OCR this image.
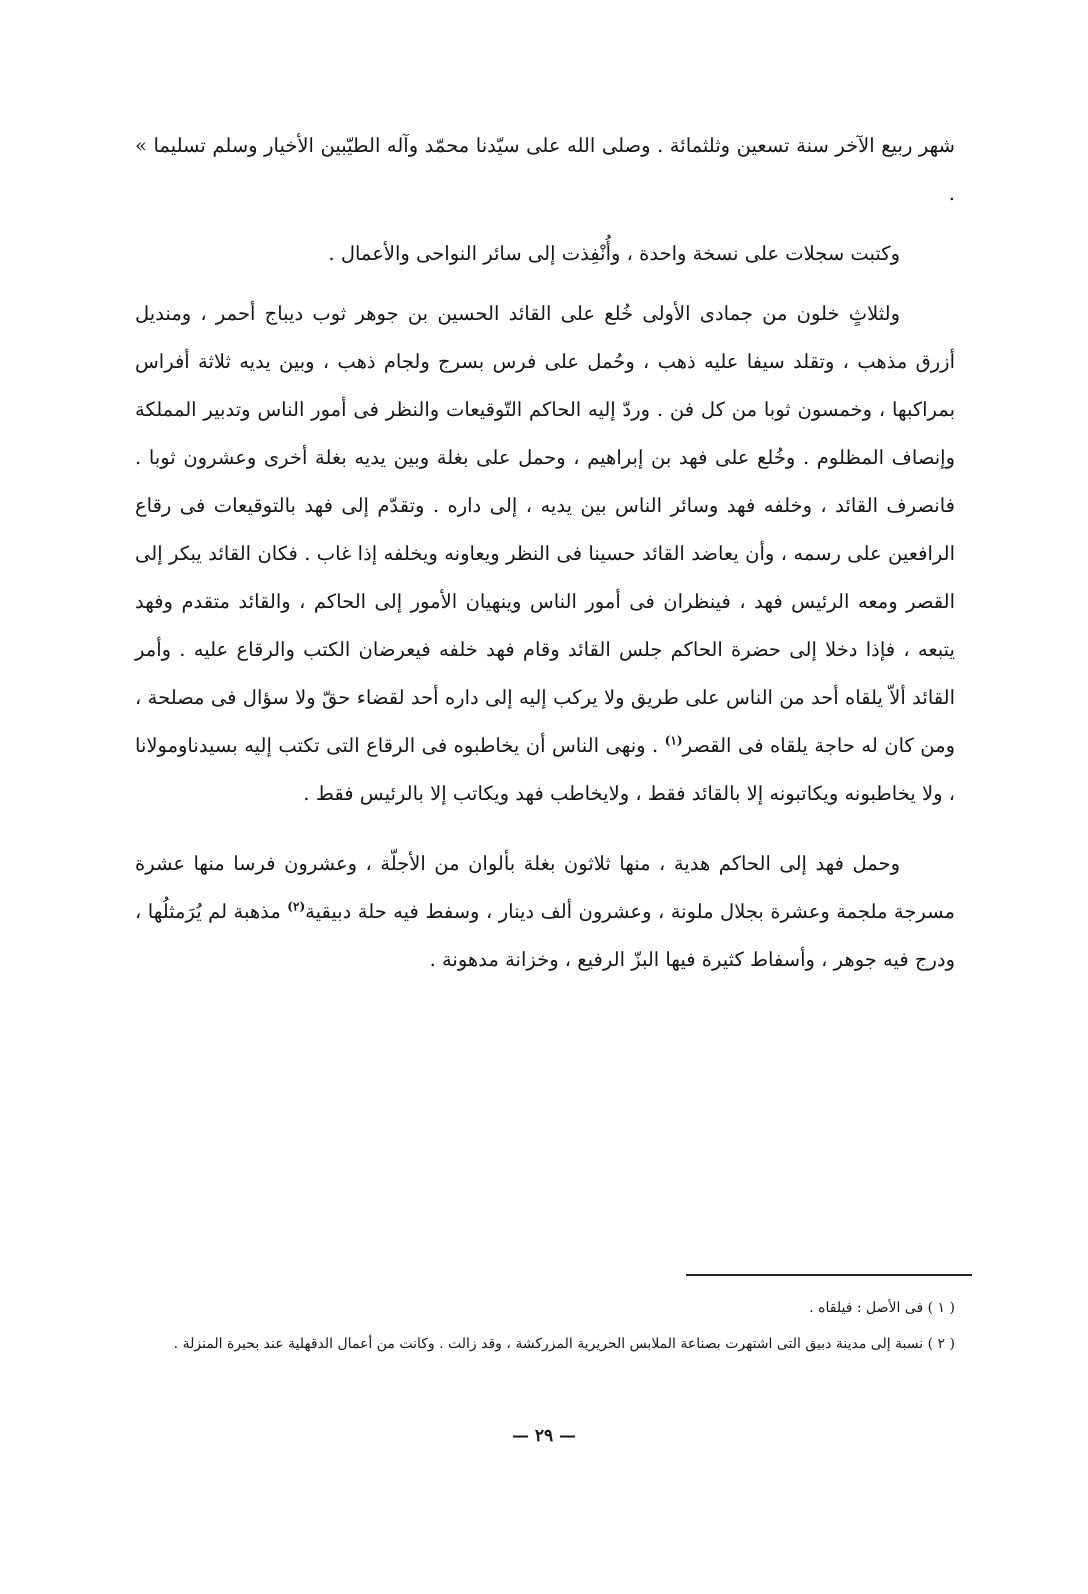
شهر ربيع الآخر سنة تسعين وثلثمائة . وصلى الله على سيّدنا محمّد وآله الطيّبين الأخيار وسلم تسليما » .

وكتبت سجلات على نسخة واحدة ، وأُنْفِذت إلى سائر النواحى والأعمال .

ولثلاثٍ خلون من جمادى الأولى خُلع على القائد الحسين بن جوهر ثوب ديباج أحمر ، ومنديل أزرق مذهب ، وتقلد سيفا عليه ذهب ، وحُمل على فرس بسرج ولجام ذهب ، وبين يديه ثلاثة أفراس بمراكبها ، وخمسون ثوبا من كل فن . وردّ إليه الحاكم التّوقيعات والنظر فى أمور الناس وتدبير المملكة وإنصاف المظلوم . وخُلع على فهد بن إبراهيم ، وحمل على بغلة وبين يديه بغلة أخرى وعشرون ثوبا . فانصرف القائد ، وخلفه فهد وسائر الناس بين يديه ، إلى داره . وتقدّم إلى فهد بالتوقيعات فى رقاع الرافعين على رسمه ، وأن يعاضد القائد حسينا فى النظر ويعاونه ويخلفه إذا غاب . فكان القائد يبكر إلى القصر ومعه الرئيس فهد ، فينظران فى أمور الناس وينهيان الأمور إلى الحاكم ، والقائد متقدم وفهد يتبعه ، فإذا دخلا إلى حضرة الحاكم جلس القائد وقام فهد خلفه فيعرضان الكتب والرقاع عليه . وأمر القائد ألاّ يلقاه أحد من الناس على طريق ولا يركب إليه إلى داره أحد لقضاء حقّ ولا سؤال فى مصلحة ، ومن كان له حاجة يلقاه فى القصر$^{(١)}$ . ونهى الناس أن يخاطبوه فى الرقاع التى تكتب إليه بسيدناومولانا ، ولا يخاطبونه ويكاتبونه إلا بالقائد فقط ، ولايخاطب فهد ويكاتب إلا بالرئيس فقط .

وحمل فهد إلى الحاكم هدية ، منها ثلاثون بغلة بألوان من الأجلّة ، وعشرون فرسا منها عشرة مسرجة ملجمة وعشرة بجلال ملونة ، وعشرون ألف دينار ، وسفط فيه حلة دبيقية$^{(٢)}$ مذهبة لم يُرَمثلُها ، ودرج فيه جوهر ، وأسفاط كثيرة فيها البزّ الرفيع ، وخزانة مدهونة .

( ١ ) فى الأصل : فيلقاه .

( ٢ ) نسبة إلى مدينة دبيق التى اشتهرت بصناعة الملابس الحريرية المزركشة ، وقد زالت . وكانت من أعمال الدقهلية عند بحيرة المنزلة .

— ٢٩ —
